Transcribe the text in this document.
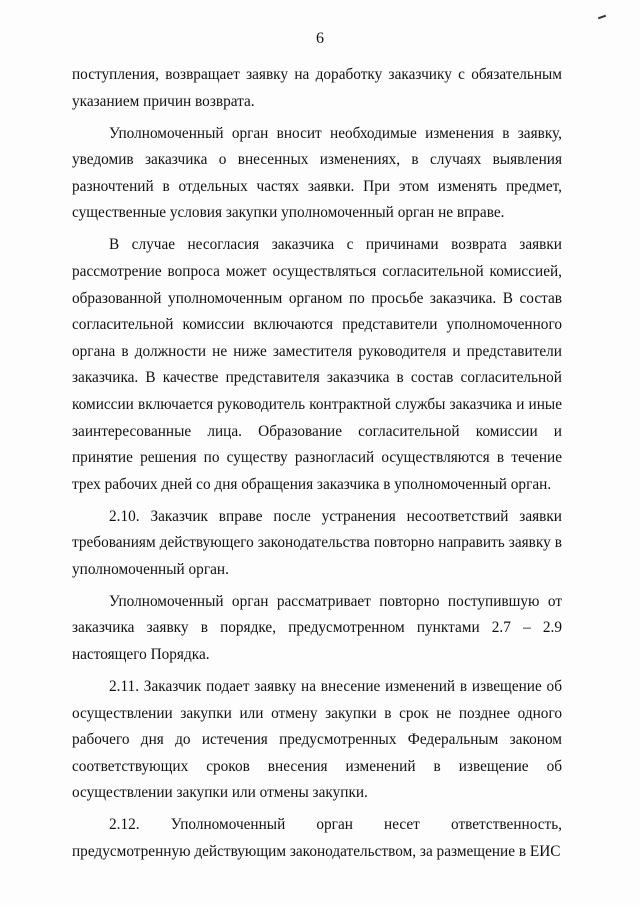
6

поступления, возвращает заявку на доработку заказчику с обязательным указанием причин возврата.

Уполномоченный орган вносит необходимые изменения в заявку, уведомив заказчика о внесенных изменениях, в случаях выявления разночтений в отдельных частях заявки. При этом изменять предмет, существенные условия закупки уполномоченный орган не вправе.

В случае несогласия заказчика с причинами возврата заявки рассмотрение вопроса может осуществляться согласительной комиссией, образованной уполномоченным органом по просьбе заказчика. В состав согласительной комиссии включаются представители уполномоченного органа в должности не ниже заместителя руководителя и представители заказчика. В качестве представителя заказчика в состав согласительной комиссии включается руководитель контрактной службы заказчика и иные заинтересованные лица. Образование согласительной комиссии и принятие решения по существу разногласий осуществляются в течение трех рабочих дней со дня обращения заказчика в уполномоченный орган.

2.10. Заказчик вправе после устранения несоответствий заявки требованиям действующего законодательства повторно направить заявку в уполномоченный орган.

Уполномоченный орган рассматривает повторно поступившую от заказчика заявку в порядке, предусмотренном пунктами 2.7 – 2.9 настоящего Порядка.

2.11. Заказчик подает заявку на внесение изменений в извещение об осуществлении закупки или отмену закупки в срок не позднее одного рабочего дня до истечения предусмотренных Федеральным законом соответствующих сроков внесения изменений в извещение об осуществлении закупки или отмены закупки.

2.12. Уполномоченный орган несет ответственность, предусмотренную действующим законодательством, за размещение в ЕИС
